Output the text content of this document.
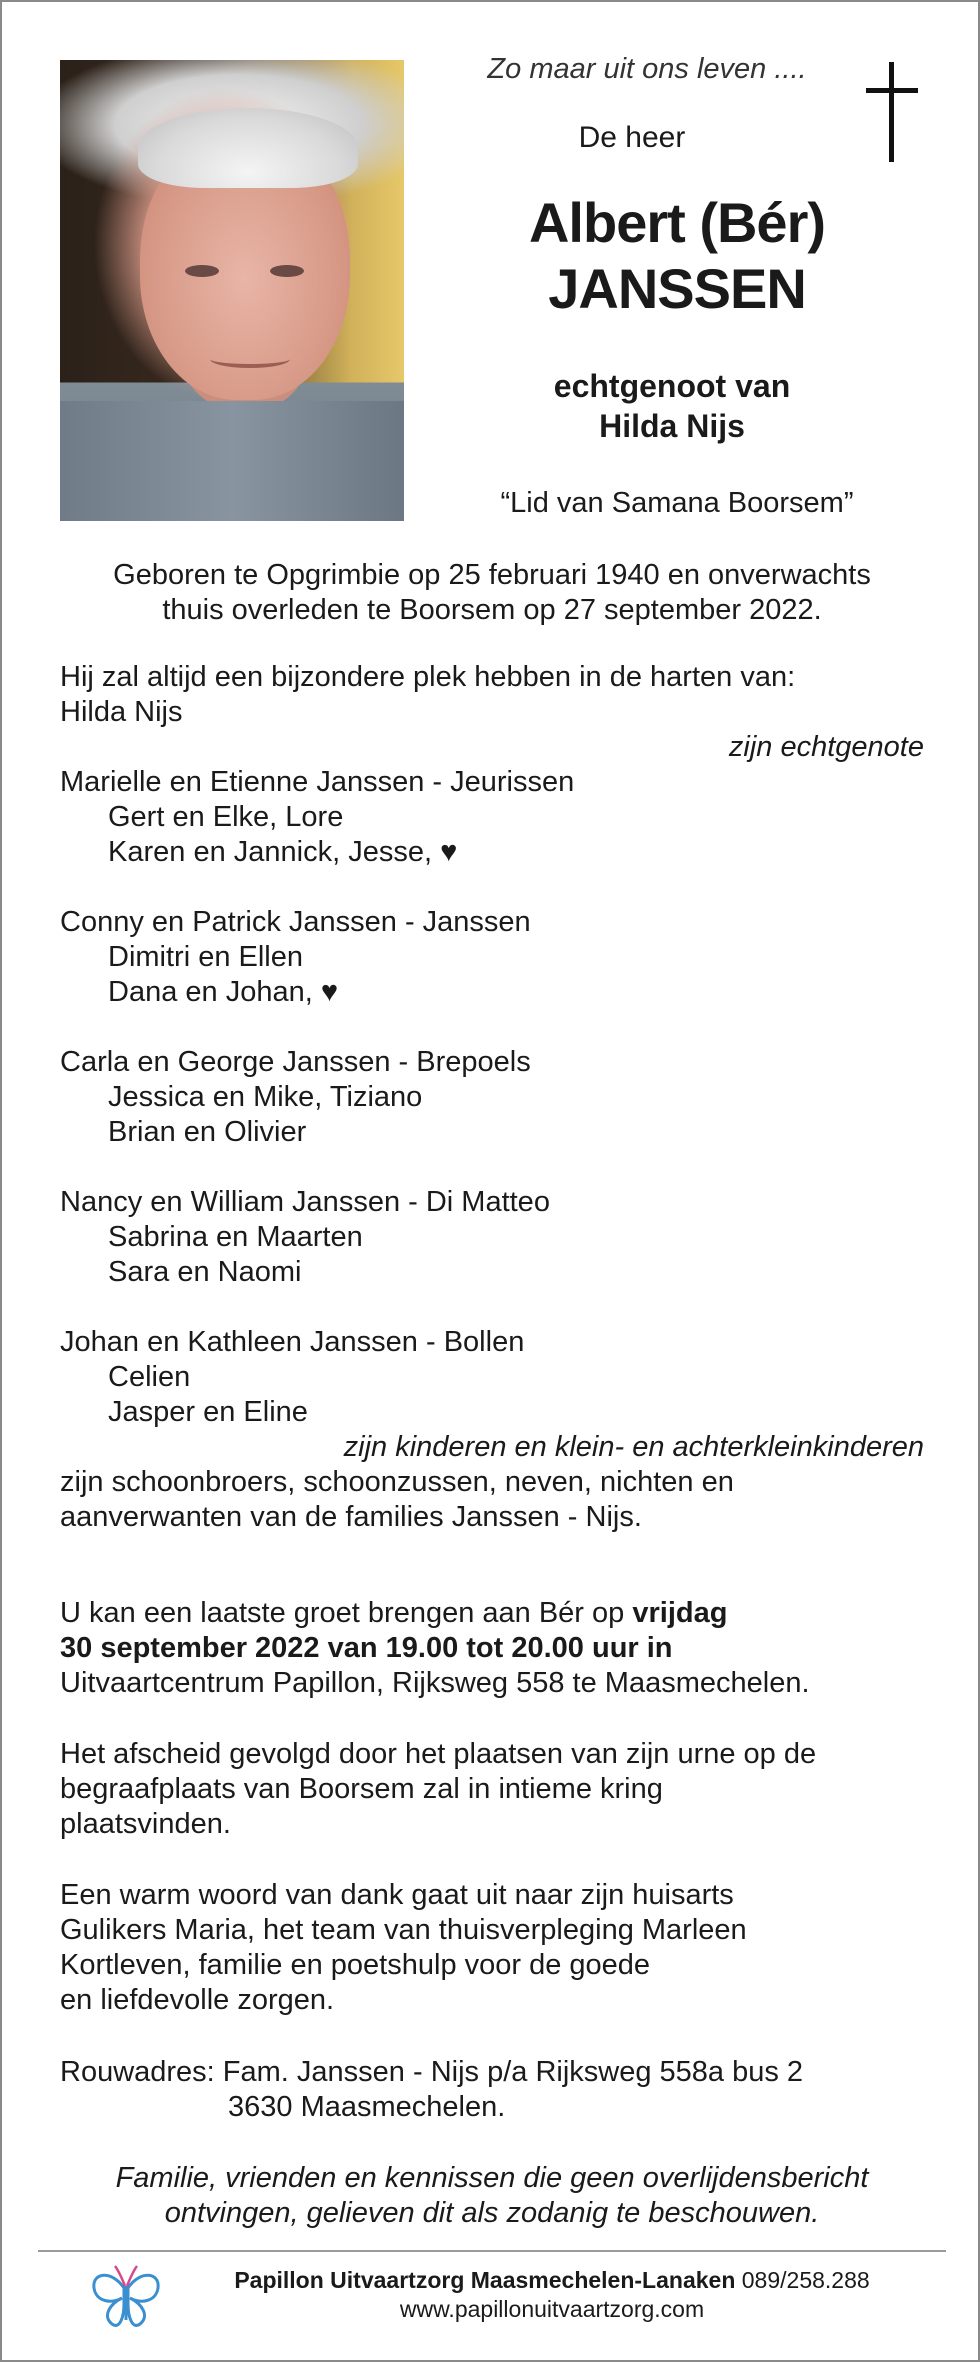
Zo maar uit ons leven ....

De heer

Albert (Bér)
JANSSEN
echtgenoot van
Hilda Nijs

“Lid van Samana Boorsem”

Geboren te Opgrimbie op 25 februari 1940 en onverwachts
thuis overleden te Boorsem op 27 september 2022.
Hij zal altijd een bijzondere plek hebben in de harten van:
Hilda Nijs
zijn echtgenote
Marielle en Etienne Janssen - Jeurissen
Gert en Elke, Lore
Karen en Jannick, Jesse, ♥
Conny en Patrick Janssen - Janssen
Dimitri en Ellen
Dana en Johan, ♥
Carla en George Janssen - Brepoels
Jessica en Mike, Tiziano
Brian en Olivier
Nancy en William Janssen - Di Matteo
Sabrina en Maarten
Sara en Naomi
Johan en Kathleen Janssen - Bollen
Celien
Jasper en Eline
zijn kinderen en klein- en achterkleinkinderen
zijn schoonbroers, schoonzussen, neven, nichten en
aanverwanten van de families Janssen - Nijs.
U kan een laatste groet brengen aan Bér op vrijdag
30 september 2022 van 19.00 tot 20.00 uur in
Uitvaartcentrum Papillon, Rijksweg 558 te Maasmechelen.
Het afscheid gevolgd door het plaatsen van zijn urne op de
begraafplaats van Boorsem zal in intieme kring
plaatsvinden.
Een warm woord van dank gaat uit naar zijn huisarts
Gulikers Maria, het team van thuisverpleging Marleen
Kortleven, familie en poetshulp voor de goede
en liefdevolle zorgen.
Rouwadres: Fam. Janssen - Nijs p/a Rijksweg 558a bus 2
3630 Maasmechelen.
Familie, vrienden en kennissen die geen overlijdensbericht
ontvingen, gelieven dit als zodanig te beschouwen.
Papillon Uitvaartzorg Maasmechelen-Lanaken 089/258.288
www.papillonuitvaartzorg.com
